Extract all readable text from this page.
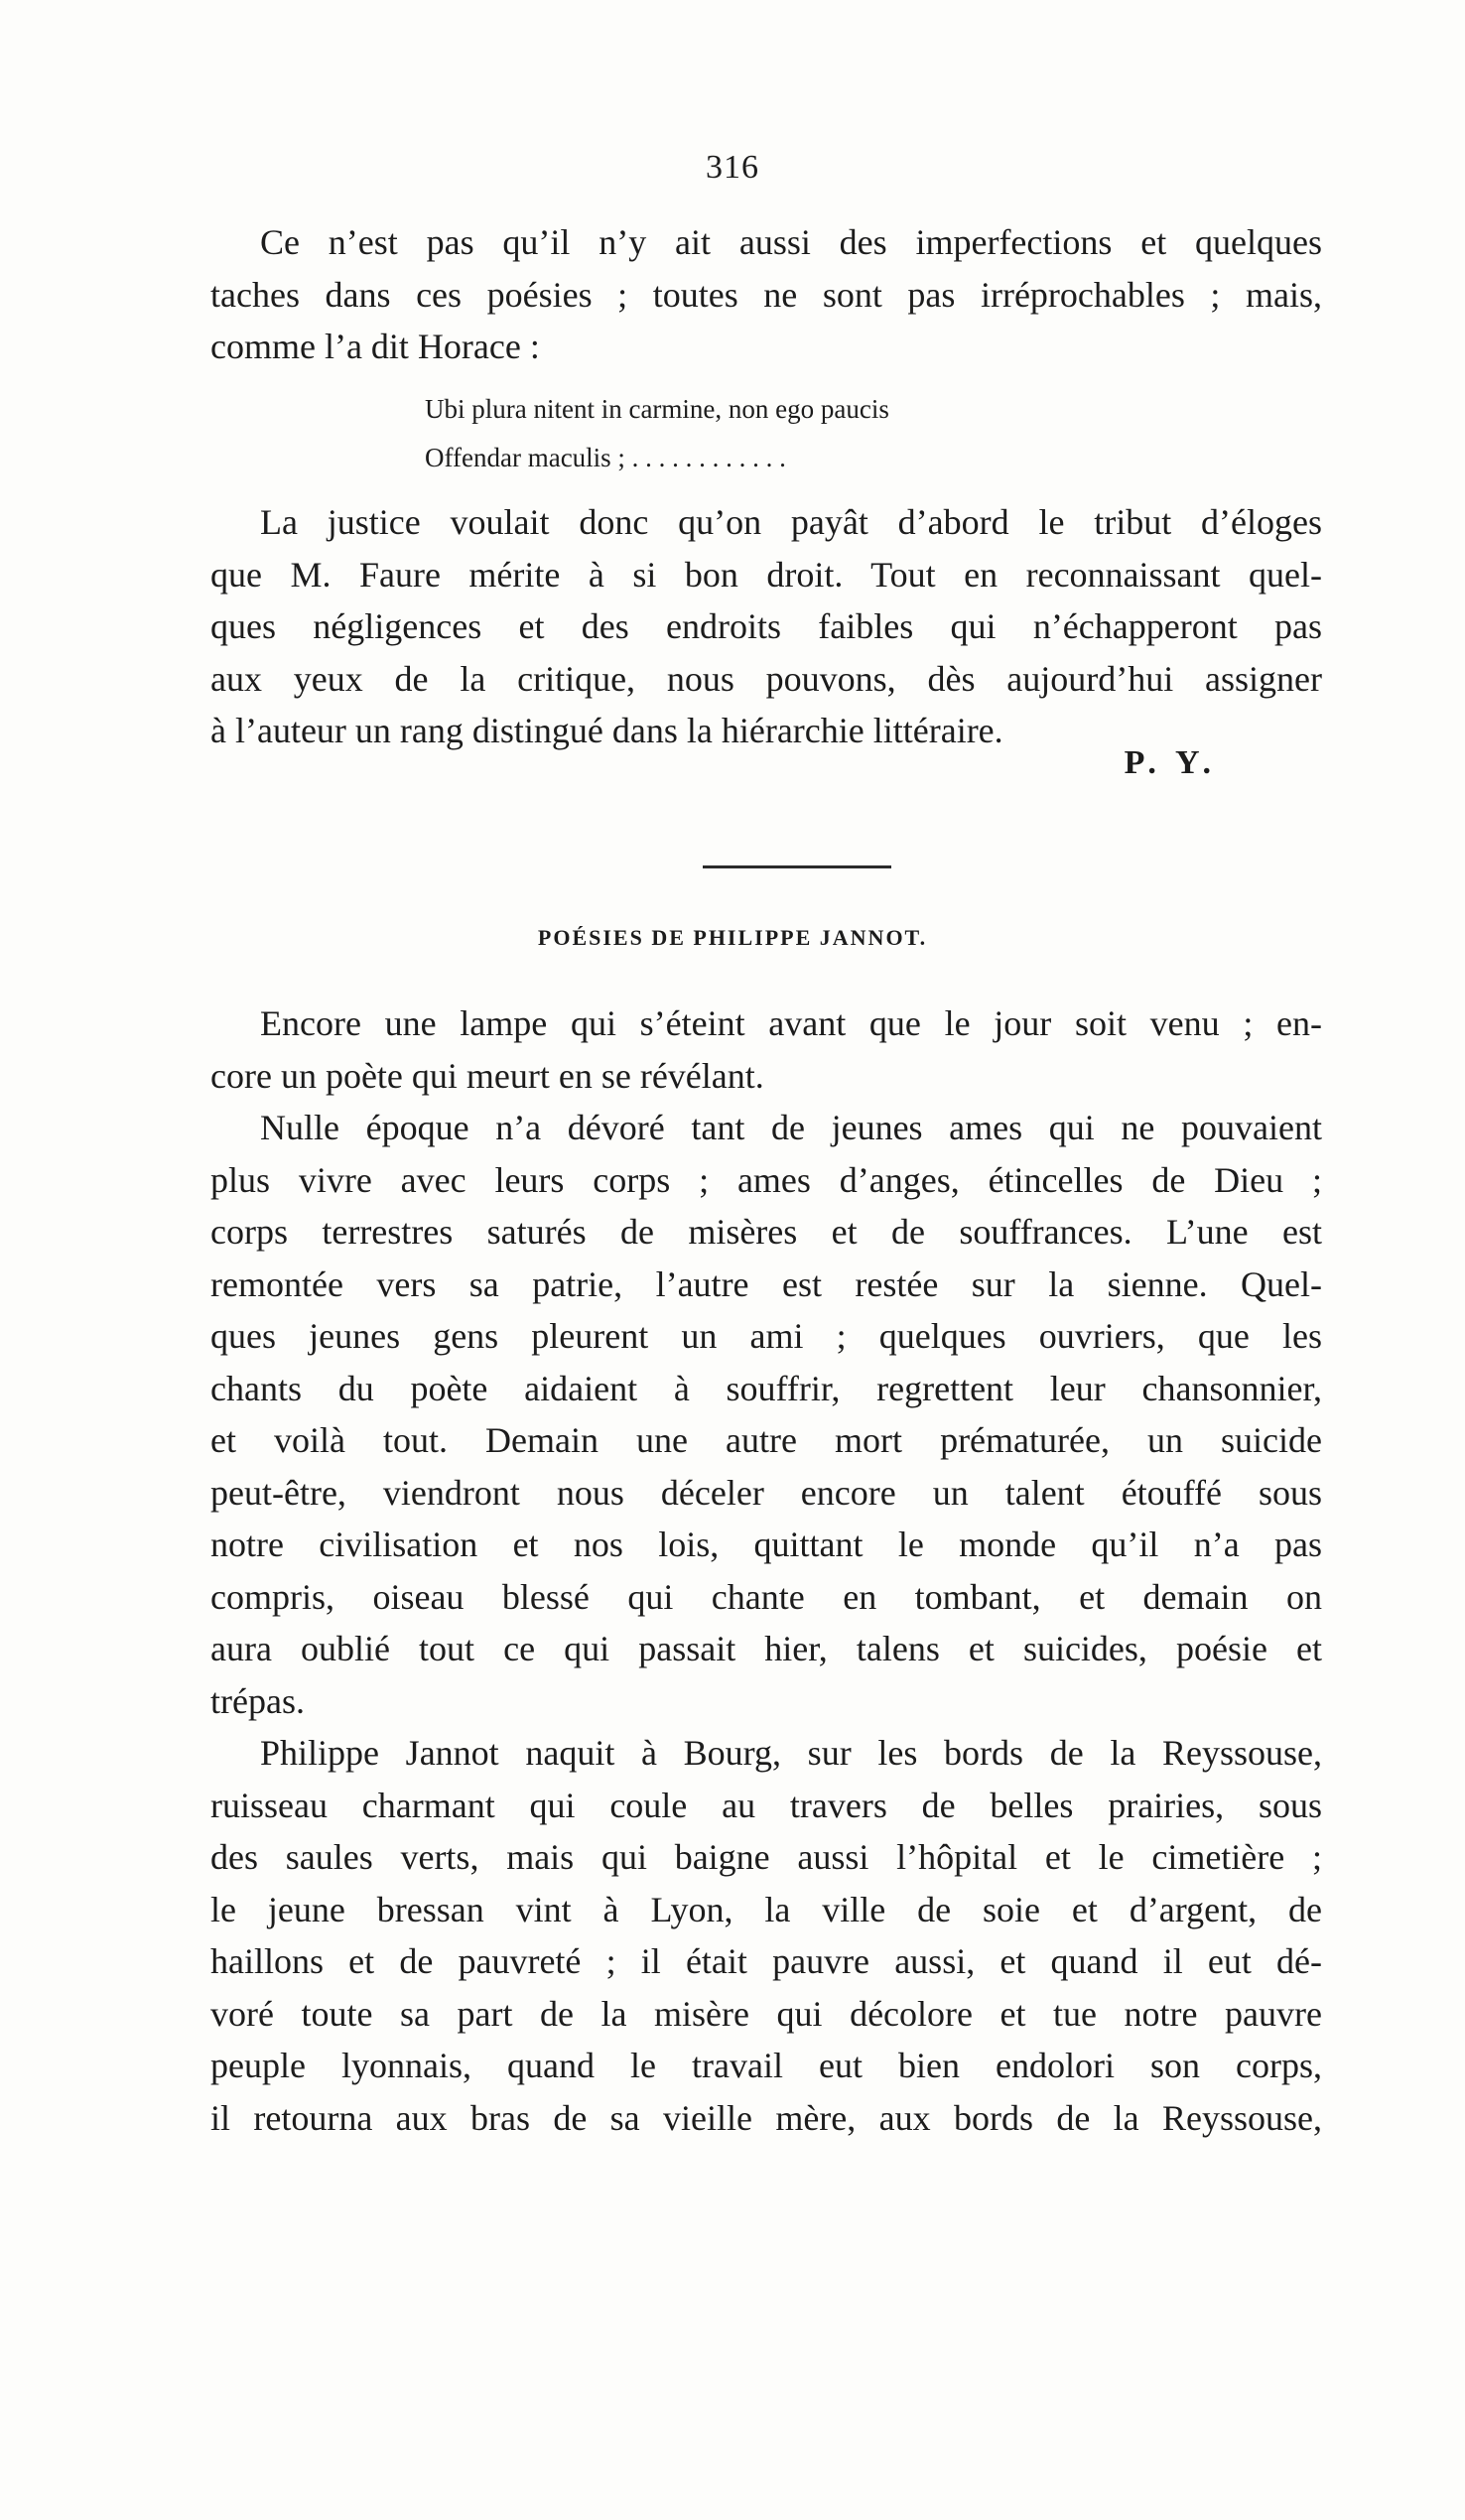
316
Ce n’est pas qu’il n’y ait aussi des imperfections et quelques
taches dans ces poésies ; toutes ne sont pas irréprochables ; mais,
comme l’a dit Horace :
Ubi plura nitent in carmine, non ego paucis
Offendar maculis ; . . . . . . . . . . . .
La justice voulait donc qu’on payât d’abord le tribut d’éloges
que M. Faure mérite à si bon droit. Tout en reconnaissant quel-
ques négligences et des endroits faibles qui n’échapperont pas
aux yeux de la critique, nous pouvons, dès aujourd’hui assigner
à l’auteur un rang distingué dans la hiérarchie littéraire.
P. Y.
POÉSIES DE PHILIPPE JANNOT.
Encore une lampe qui s’éteint avant que le jour soit venu ; en-
core un poète qui meurt en se révélant.
Nulle époque n’a dévoré tant de jeunes ames qui ne pouvaient
plus vivre avec leurs corps ; ames d’anges, étincelles de Dieu ;
corps terrestres saturés de misères et de souffrances. L’une est
remontée vers sa patrie, l’autre est restée sur la sienne. Quel-
ques jeunes gens pleurent un ami ; quelques ouvriers, que les
chants du poète aidaient à souffrir, regrettent leur chansonnier,
et voilà tout. Demain une autre mort prématurée, un suicide
peut-être, viendront nous déceler encore un talent étouffé sous
notre civilisation et nos lois, quittant le monde qu’il n’a pas
compris, oiseau blessé qui chante en tombant, et demain on
aura oublié tout ce qui passait hier, talens et suicides, poésie et
trépas.
Philippe Jannot naquit à Bourg, sur les bords de la Reyssouse,
ruisseau charmant qui coule au travers de belles prairies, sous
des saules verts, mais qui baigne aussi l’hôpital et le cimetière ;
le jeune bressan vint à Lyon, la ville de soie et d’argent, de
haillons et de pauvreté ; il était pauvre aussi, et quand il eut dé-
voré toute sa part de la misère qui décolore et tue notre pauvre
peuple lyonnais, quand le travail eut bien endolori son corps,
il retourna aux bras de sa vieille mère, aux bords de la Reyssouse,
